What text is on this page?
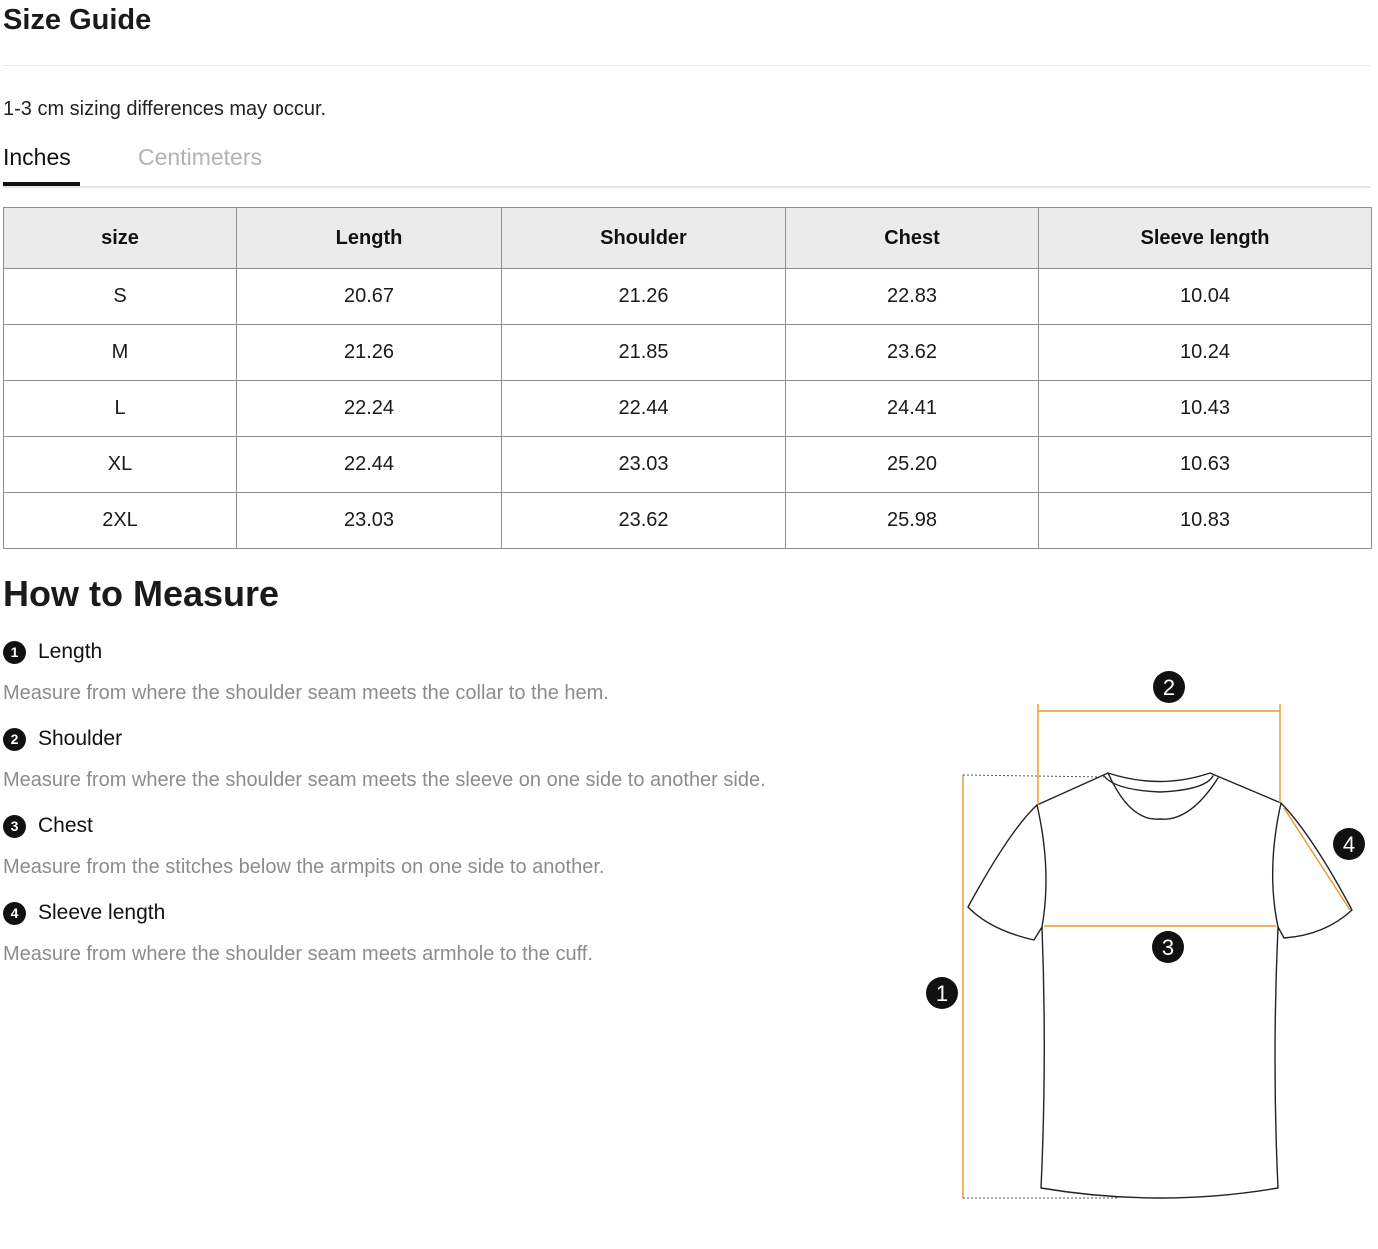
Size Guide
1-3 cm sizing differences may occur.
Inches	Centimeters
size	Length	Shoulder	Chest	Sleeve length
S	20.67	21.26	22.83	10.04
M	21.26	21.85	23.62	10.24
L	22.24	22.44	24.41	10.43
XL	22.44	23.03	25.20	10.63
2XL	23.03	23.62	25.98	10.83
How to Measure
1 Length
Measure from where the shoulder seam meets the collar to the hem.
2 Shoulder
Measure from where the shoulder seam meets the sleeve on one side to another side.
3 Chest
Measure from the stitches below the armpits on one side to another.
4 Sleeve length
Measure from where the shoulder seam meets armhole to the cuff.
1
2
3
4
